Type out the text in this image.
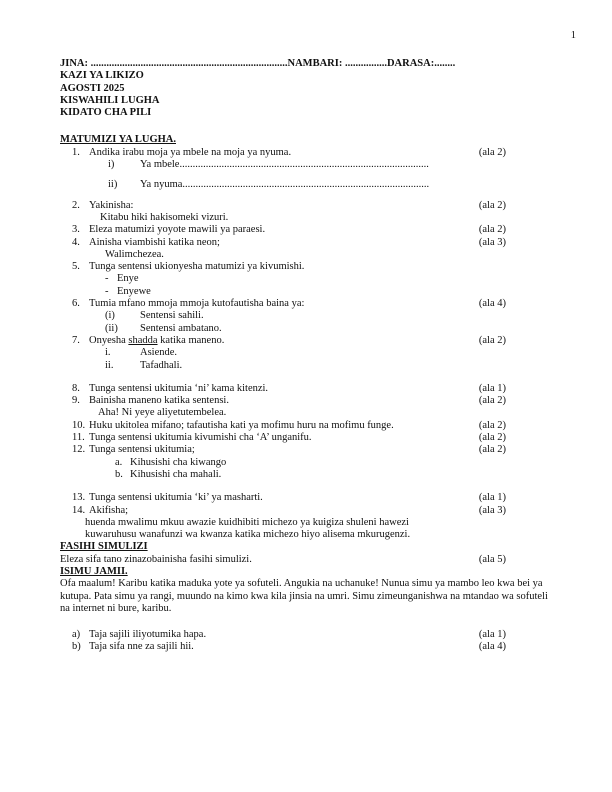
1
JINA: ...........................................................................NAMBARI: ................DARASA:........
KAZI YA LIKIZO
AGOSTI 2025
KISWAHILI LUGHA
KIDATO CHA PILI
MATUMIZI YA LUGHA.
1. Andika irabu moja ya mbele na moja ya nyuma.	(ala 2)
i)	Ya mbele...............................................................................................
ii)	Ya nyuma..............................................................................................
2. Yakinisha:	(ala 2)
Kitabu hiki hakisomeki vizuri.
3. Eleza matumizi yoyote mawili ya paraesi.	(ala 2)
4. Ainisha viambishi katika neon;	(ala 3)
Walimchezea.
5. Tunga sentensi ukionyesha matumizi ya kivumishi.
- Enye
- Enyewe
6. Tumia mfano mmoja mmoja kutofautisha baina ya:	(ala 4)
(i)	Sentensi sahili.
(ii)	Sentensi ambatano.
7. Onyesha shadda katika maneno.	(ala 2)
i.	Asiende.
ii.	Tafadhali.
8. Tunga sentensi ukitumia ‘ni’ kama kitenzi.	(ala 1)
9. Bainisha maneno katika sentensi.	(ala 2)
Aha! Ni yeye aliyetutembelea.
10. Huku ukitolea mifano; tafautisha kati ya mofimu huru na mofimu funge.	(ala 2)
11. Tunga sentensi ukitumia kivumishi cha ‘A’ unganifu.	(ala 2)
12. Tunga sentensi ukitumia;	(ala 2)
a. Kihusishi cha kiwango
b. Kihusishi cha mahali.
13. Tunga sentensi ukitumia ‘ki’ ya masharti.	(ala 1)
14. Akifisha;	(ala 3)
huenda mwalimu mkuu awazie kuidhibiti michezo ya kuigiza shuleni hawezi
kuwaruhusu wanafunzi wa kwanza katika michezo hiyo alisema mkurugenzi.
FASIHI SIMULIZI
Eleza sifa tano zinazobainisha fasihi simulizi.	(ala 5)
ISIMU JAMII.
Ofa maalum! Karibu katika maduka yote ya sofuteli. Angukia na uchanuke! Nunua simu ya mambo leo kwa bei ya kutupa. Pata simu ya rangi, muundo na kimo kwa kila jinsia na umri. Simu zimeunganishwa na mtandao wa sofuteli na internet ni bure, karibu.
a) Taja sajili iliyotumika hapa.	(ala 1)
b) Taja sifa nne za sajili hii.	(ala 4)
